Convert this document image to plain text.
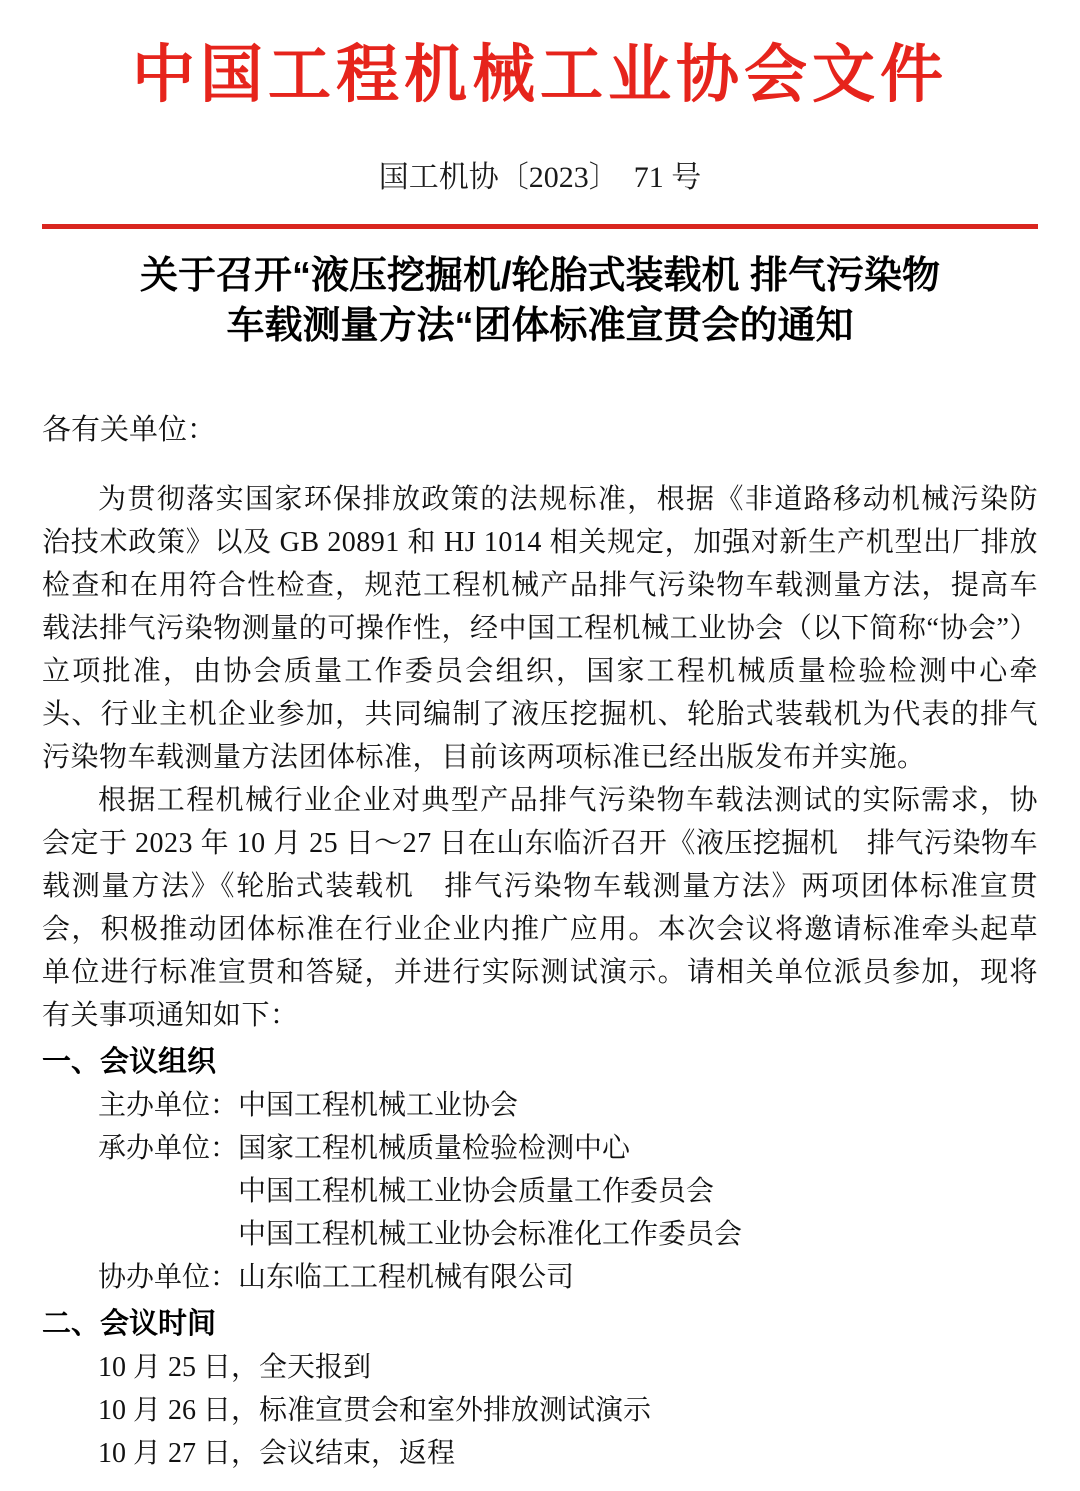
中国工程机械工业协会文件
国工机协〔2023〕  71 号
关于召开“液压挖掘机/轮胎式装载机 排气污染物
车载测量方法“团体标准宣贯会的通知
各有关单位：

为贯彻落实国家环保排放政策的法规标准，根据《非道路移动机械污染防治技术政策》以及 GB 20891 和 HJ 1014 相关规定，加强对新生产机型出厂排放检查和在用符合性检查，规范工程机械产品排气污染物车载测量方法，提高车载法排气污染物测量的可操作性，经中国工程机械工业协会（以下简称“协会”）立项批准，由协会质量工作委员会组织，国家工程机械质量检验检测中心牵头、行业主机企业参加，共同编制了液压挖掘机、轮胎式装载机为代表的排气污染物车载测量方法团体标准，目前该两项标准已经出版发布并实施。

根据工程机械行业企业对典型产品排气污染物车载法测试的实际需求，协会定于 2023 年 10 月 25 日～27 日在山东临沂召开《液压挖掘机　排气污染物车载测量方法》《轮胎式装载机　排气污染物车载测量方法》两项团体标准宣贯会，积极推动团体标准在行业企业内推广应用。本次会议将邀请标准牵头起草单位进行标准宣贯和答疑，并进行实际测试演示。请相关单位派员参加，现将有关事项通知如下：

一、会议组织
主办单位：中国工程机械工业协会
承办单位：国家工程机械质量检验检测中心
中国工程机械工业协会质量工作委员会
中国工程机械工业协会标准化工作委员会
协办单位：山东临工工程机械有限公司
二、会议时间
10 月 25 日，全天报到
10 月 26 日，标准宣贯会和室外排放测试演示
10 月 27 日，会议结束，返程
